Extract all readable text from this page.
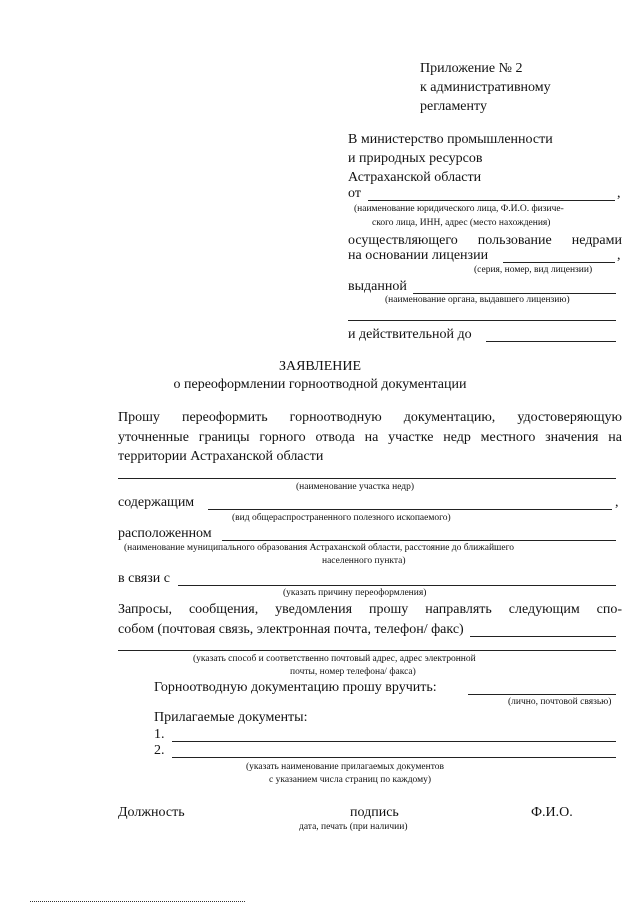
Приложение № 2
к административному
регламенту
В министерство промышленности
и природных ресурсов
Астраханской области
от	,
(наименование юридического лица, Ф.И.О. физиче-
ского лица, ИНН, адрес (место нахождения)
осуществляющего пользование недрами
на основании лицензии	,
(серия, номер, вид лицензии)
выданной
(наименование органа, выдавшего лицензию)
и действительной до
ЗАЯВЛЕНИЕ
о переоформлении горноотводной документации
Прошу переоформить горноотводную документацию, удостоверяющую
уточненные границы горного отвода на участке недр местного значения на
территории Астраханской области
(наименование участка недр)
содержащим	,
(вид общераспространенного полезного ископаемого)
расположенном
(наименование муниципального образования Астраханской области, расстояние до ближайшего
населенного пункта)
в связи с
(указать причину переоформления)
Запросы, сообщения, уведомления прошу направлять следующим спо-
собом (почтовая связь, электронная почта, телефон/ факс)
(указать способ и соответственно почтовый адрес, адрес электронной
почты, номер телефона/ факса)
Горноотводную документацию прошу вручить:
(лично, почтовой связью)
Прилагаемые документы:
1.
2.
(указать наименование прилагаемых документов
с указанием числа страниц по каждому)
Должность	подпись	Ф.И.О.
дата, печать (при наличии)
